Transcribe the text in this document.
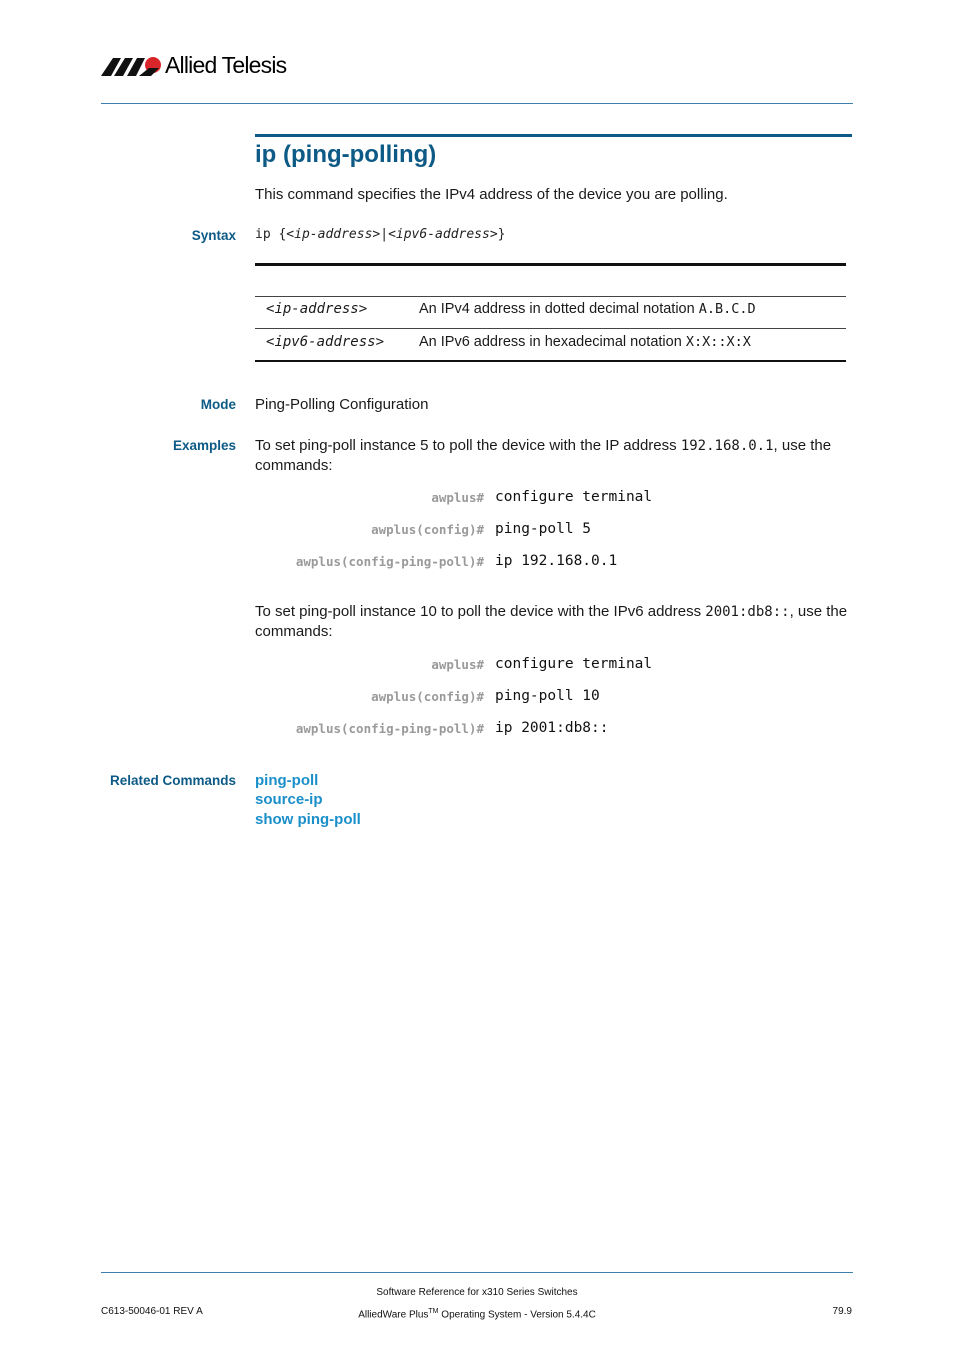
Allied Telesis
ip (ping-polling)
This command specifies the IPv4 address of the device you are polling.
Syntax ip {<ip-address>|<ipv6-address>}
<ip-address>	An IPv4 address in dotted decimal notation A.B.C.D
<ipv6-address> An IPv6 address in hexadecimal notation X:X::X:X
Mode Ping-Polling Configuration
Examples To set ping-poll instance 5 to poll the device with the IP address 192.168.0.1, use the commands:
awplus# configure terminal
awplus(config)# ping-poll 5
awplus(config-ping-poll)# ip 192.168.0.1
To set ping-poll instance 10 to poll the device with the IPv6 address 2001:db8::, use the commands:
awplus# configure terminal
awplus(config)# ping-poll 10
awplus(config-ping-poll)# ip 2001:db8::
Related Commands ping-poll
source-ip
show ping-poll
Software Reference for x310 Series Switches
C613-50046-01 REV A	AlliedWare Plus™ Operating System - Version 5.4.4C	79.9
